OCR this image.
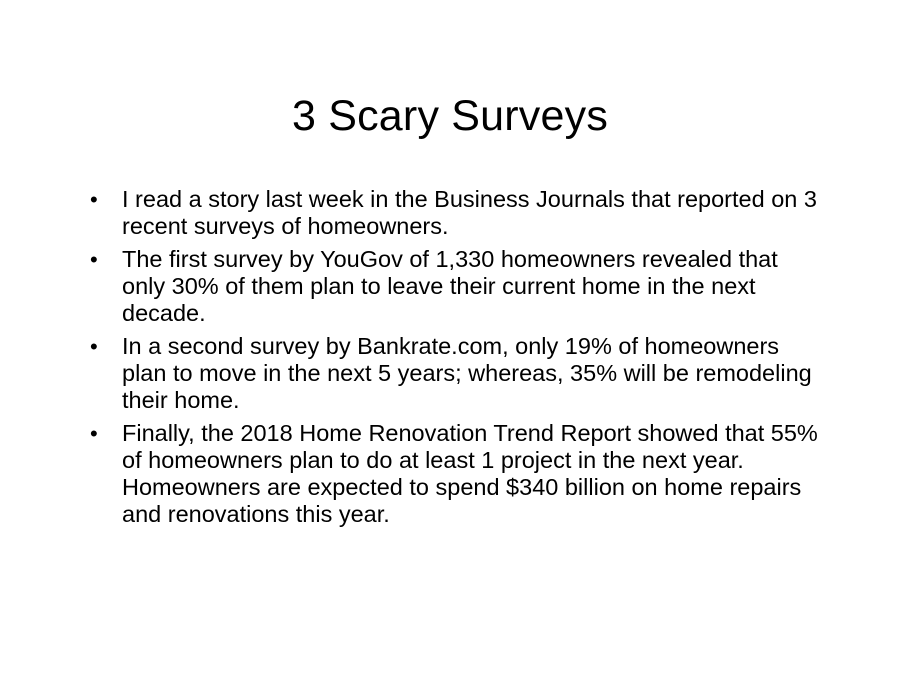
3 Scary Surveys
•	I read a story last week in the Business Journals that reported on 3 recent surveys of homeowners.
•	The first survey by YouGov of 1,330 homeowners revealed that only 30% of them plan to leave their current home in the next decade.
•	In a second survey by Bankrate.com, only 19% of homeowners plan to move in the next 5 years; whereas, 35% will be remodeling their home.
•	Finally, the 2018 Home Renovation Trend Report showed that 55% of homeowners plan to do at least 1 project in the next year. Homeowners are expected to spend $340 billion on home repairs and renovations this year.
